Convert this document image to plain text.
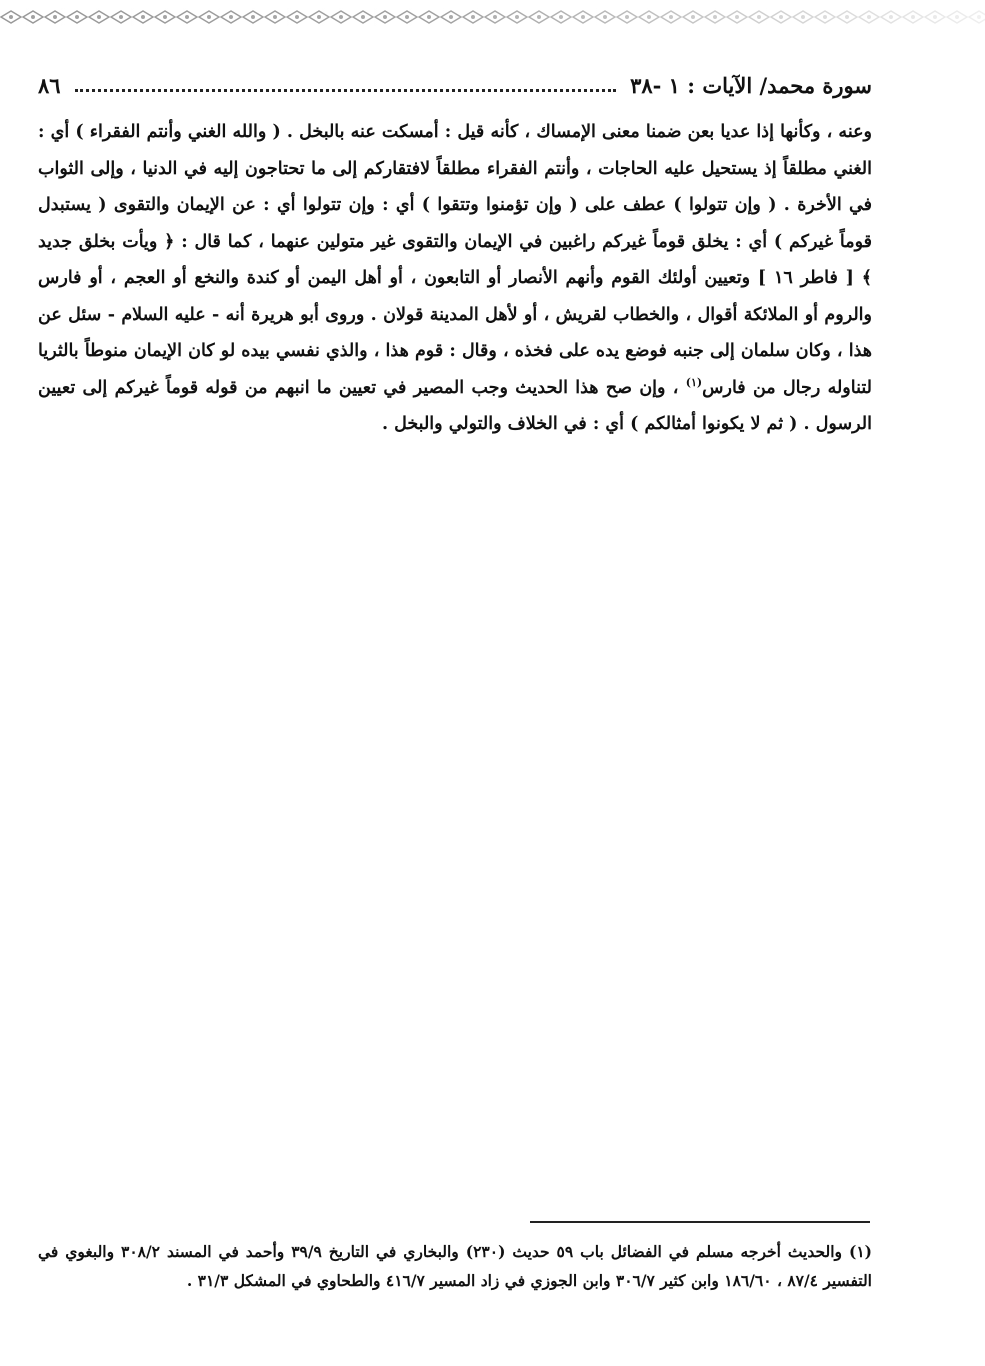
سورة محمد/ الآيات : ١ -٣٨
٨٦

وعنه ، وكأنها إذا عديا بعن ضمنا معنى الإمساك ، كأنه قيل : أمسكت عنه بالبخل . ( والله الغني وأنتم الفقراء ) أي : الغني مطلقاً إذ يستحيل عليه الحاجات ، وأنتم الفقراء مطلقاً لافتقاركم إلى ما تحتاجون إليه في الدنيا ، وإلى الثواب في الأخرة . ( وإن تتولوا ) عطف على ( وإن تؤمنوا وتتقوا ) أي : وإن تتولوا أي : عن الإيمان والتقوى ( يستبدل قوماً غيركم ) أي : يخلق قوماً غيركم راغبين في الإيمان والتقوى غير متولين عنهما ، كما قال : ﴿ ويأت بخلق جديد ﴾ [ فاطر ١٦ ] وتعيين أولئك القوم وأنهم الأنصار أو التابعون ، أو أهل اليمن أو كندة والنخع أو العجم ، أو فارس والروم أو الملائكة أقوال ، والخطاب لقريش ، أو لأهل المدينة قولان . وروى أبو هريرة أنه - عليه السلام - سئل عن هذا ، وكان سلمان إلى جنبه فوضع يده على فخذه ، وقال : قوم هذا ، والذي نفسي بيده لو كان الإيمان منوطاً بالثريا لتناوله رجال من فارس$^{(١)}$ ، وإن صح هذا الحديث وجب المصير في تعيين ما انبهم من قوله قوماً غيركم إلى تعيين الرسول . ( ثم لا يكونوا أمثالكم ) أي : في الخلاف والتولي والبخل .

(١) والحديث أخرجه مسلم في الفضائل باب ٥٩ حديث (٢٣٠) والبخاري في التاريخ ٣٩/٩ وأحمد في المسند ٣٠٨/٢ والبغوي في التفسير ٨٧/٤ ، ١٨٦/٦٠ وابن كثير ٣٠٦/٧ وابن الجوزي في زاد المسير ٤١٦/٧ والطحاوي في المشكل ٣١/٣ .
